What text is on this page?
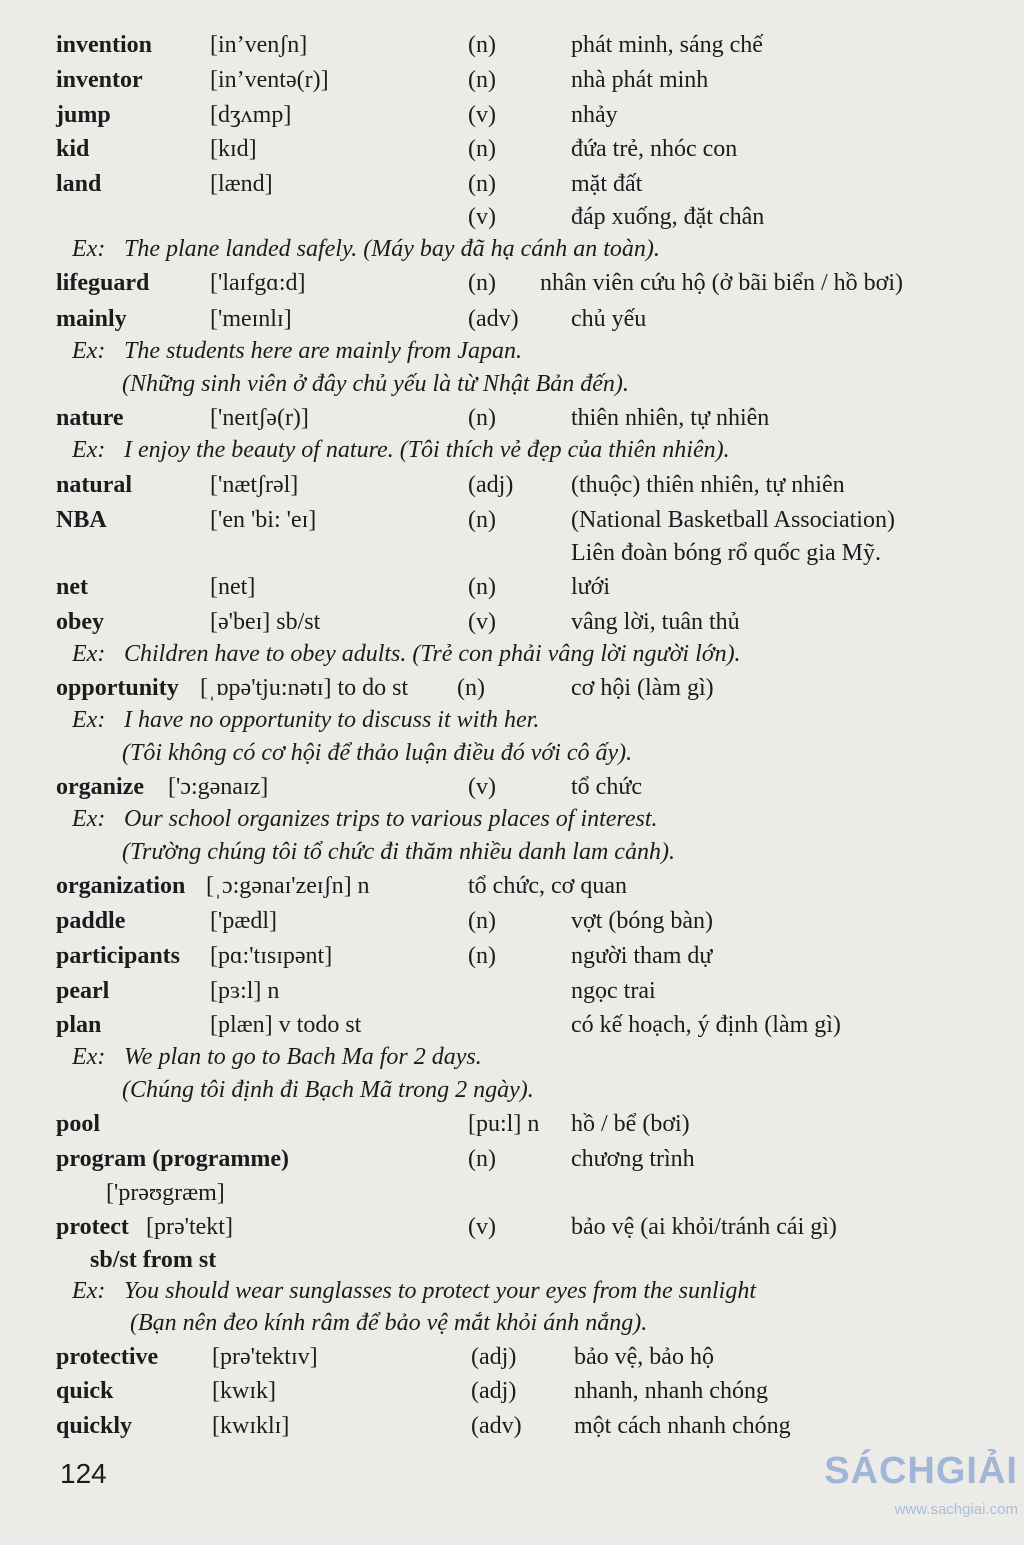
invention [in’venʃn]	(n)	phát minh, sáng chế
inventor	[in’ventə(r)]	(n)	nhà phát minh
jump	[dʒʌmp]	(v)	nhảy
kid	[kɪd]	(n)	đứa trẻ, nhóc con
land	[lænd]	(n)	mặt đất
(v)	đáp xuống, đặt chân
Ex: The plane landed safely. (Máy bay đã hạ cánh an toàn).
lifeguard	['laɪfgɑ:d]	(n) nhân viên cứu hộ (ở bãi biển / hồ bơi)
mainly	['meɪnlɪ]	(adv) chủ yếu
Ex: The students here are mainly from Japan.
(Những sinh viên ở đây chủ yếu là từ Nhật Bản đến).
nature	['neɪtʃə(r)]	(n)	thiên nhiên, tự nhiên
Ex: I enjoy the beauty of nature. (Tôi thích vẻ đẹp của thiên nhiên).
natural	['nætʃrəl]	(adj) (thuộc) thiên nhiên, tự nhiên
NBA	['en 'bi: 'eɪ]	(n)	(National Basketball Association)
Liên đoàn bóng rổ quốc gia Mỹ.
net	[net]	(n)	lưới
obey	[ə'beɪ] sb/st	(v)	vâng lời, tuân thủ
Ex: Children have to obey adults. (Trẻ con phải vâng lời người lớn).
opportunity [ˌɒpə'tju:nətɪ] to do st (n)	cơ hội (làm gì)
Ex: I have no opportunity to discuss it with her.
(Tôi không có cơ hội để thảo luận điều đó với cô ấy).
organize ['ɔ:gənaɪz]	(v)	tổ chức
Ex: Our school organizes trips to various places of interest.
(Trường chúng tôi tổ chức đi thăm nhiều danh lam cảnh).
organization [ˌɔ:gənaɪ'zeɪʃn] n	tổ chức, cơ quan
paddle	['pædl]	(n)	vợt (bóng bàn)
participants [pɑ:'tɪsɪpənt]	(n)	người tham dự
pearl	[pɜ:l] n	ngọc trai
plan	[plæn] v todo st	có kế hoạch, ý định (làm gì)
Ex: We plan to go to Bach Ma for 2 days.
(Chúng tôi định đi Bạch Mã trong 2 ngày).
pool	[pu:l] n hồ / bể (bơi)
program (programme)	(n)	chương trình
['prəʊgræm]
protect [prə'tekt]	(v)	bảo vệ (ai khỏi/tránh cái gì)
sb/st from st
Ex: You should wear sunglasses to protect your eyes from the sunlight
(Bạn nên đeo kính râm để bảo vệ mắt khỏi ánh nắng).
protective [prə'tektɪv]	(adj) bảo vệ, bảo hộ
quick	[kwɪk]	(adj) nhanh, nhanh chóng
quickly	[kwɪklɪ]	(adv) một cách nhanh chóng
124	SÁCHGIẢI
www.sachgiai.com
